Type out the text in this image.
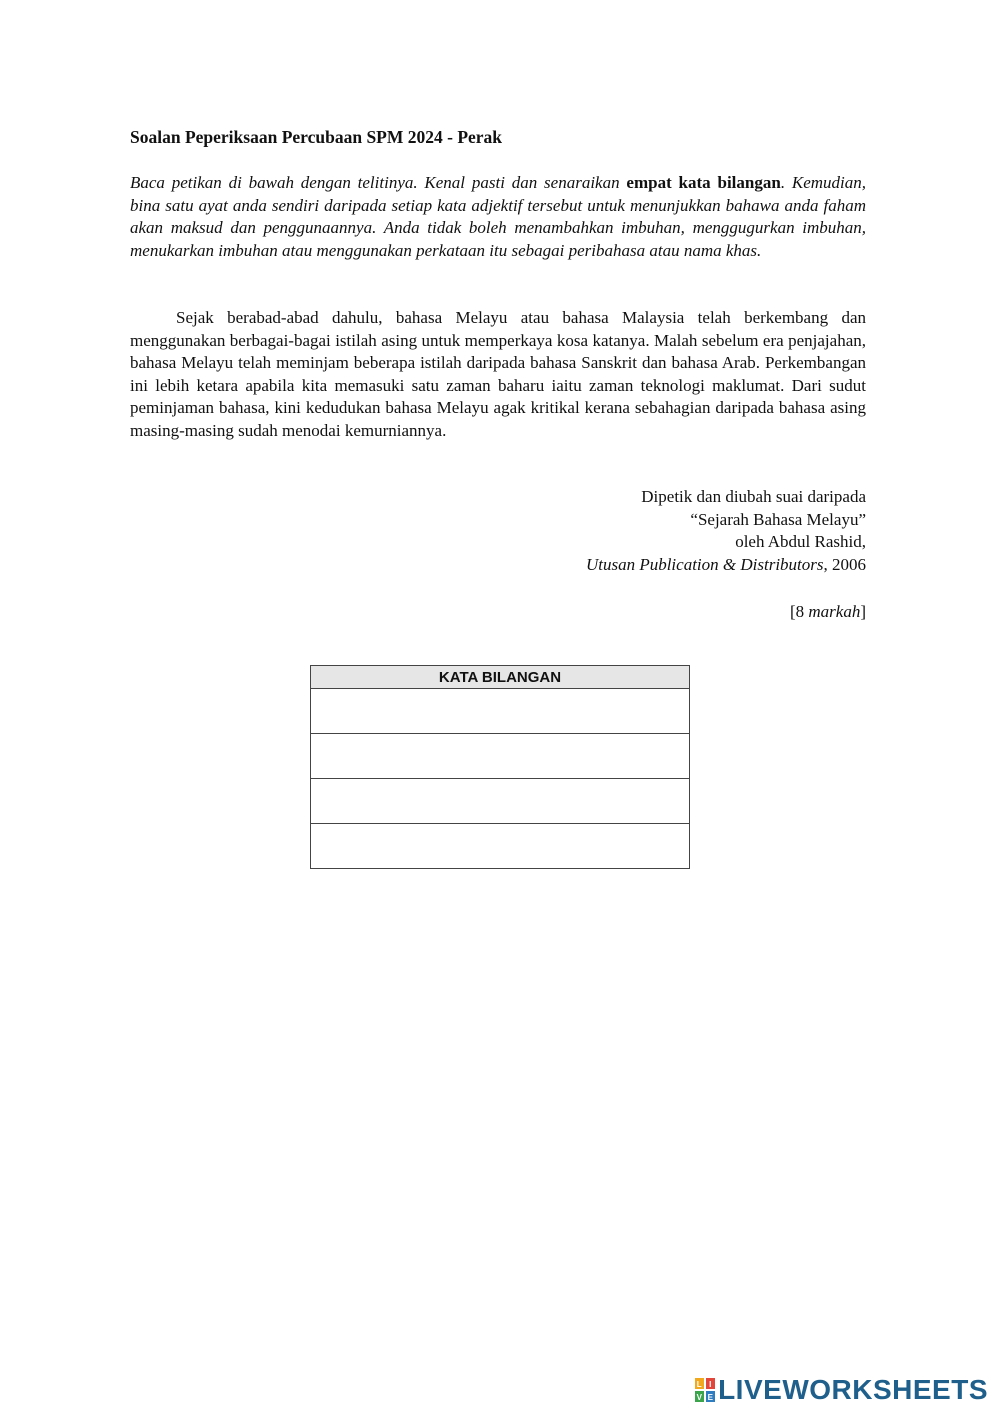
Soalan Peperiksaan Percubaan SPM 2024 - Perak
Baca petikan di bawah dengan telitinya. Kenal pasti dan senaraikan empat kata bilangan. Kemudian, bina satu ayat anda sendiri daripada setiap kata adjektif tersebut untuk menunjukkan bahawa anda faham akan maksud dan penggunaannya. Anda tidak boleh menambahkan imbuhan, menggugurkan imbuhan, menukarkan imbuhan atau menggunakan perkataan itu sebagai peribahasa atau nama khas.
Sejak berabad-abad dahulu, bahasa Melayu atau bahasa Malaysia telah berkembang dan menggunakan berbagai-bagai istilah asing untuk memperkaya kosa katanya. Malah sebelum era penjajahan, bahasa Melayu telah meminjam beberapa istilah daripada bahasa Sanskrit dan bahasa Arab. Perkembangan ini lebih ketara apabila kita memasuki satu zaman baharu iaitu zaman teknologi maklumat. Dari sudut peminjaman bahasa, kini kedudukan bahasa Melayu agak kritikal kerana sebahagian daripada bahasa asing masing-masing sudah menodai kemurniannya.
Dipetik dan diubah suai daripada
“Sejarah Bahasa Melayu”
oleh Abdul Rashid,
Utusan Publication & Distributors, 2006
[8 markah]
KATA BILANGAN

L I
V E LIVEWORKSHEETS
